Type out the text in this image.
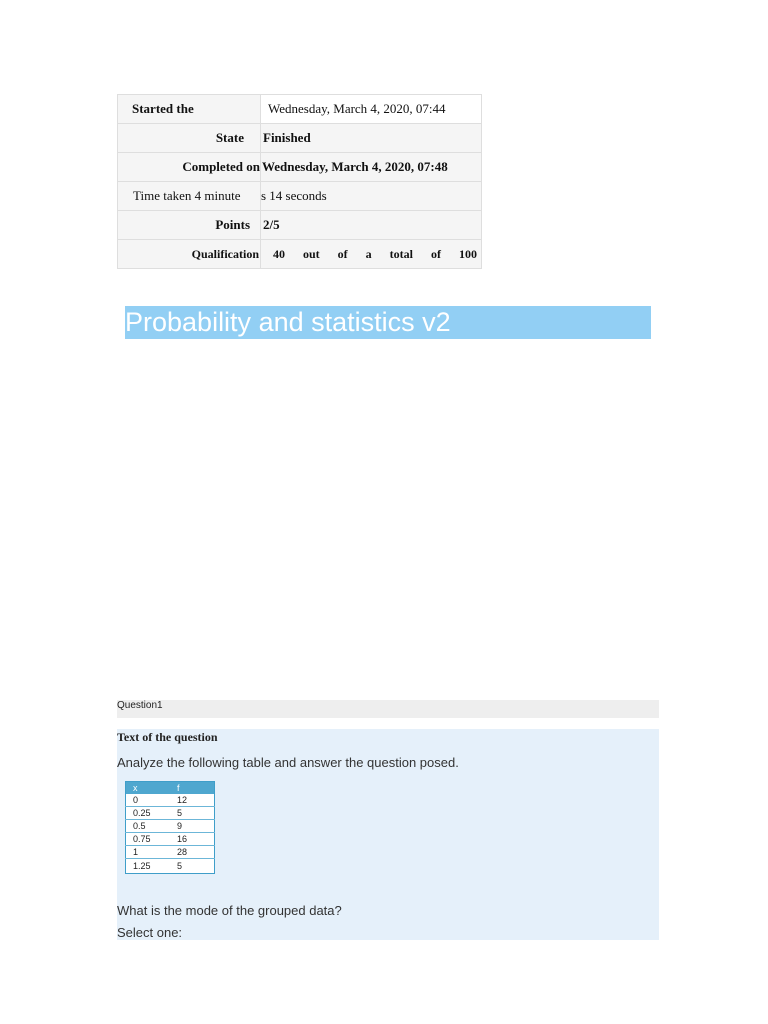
Started the	Wednesday, March 4, 2020, 07:44
State	Finished
Completed on	Wednesday, March 4, 2020, 07:48
Time taken 4 minute	s 14 seconds
Points	2/5
Qualification	40 out of a total of 100
Probability and statistics v2
Question1
Text of the question
Analyze the following table and answer the question posed.
x	f
0	12
0.25	5
0.5	9
0.75	16
1	28
1.25	5
What is the mode of the grouped data?
Select one:
